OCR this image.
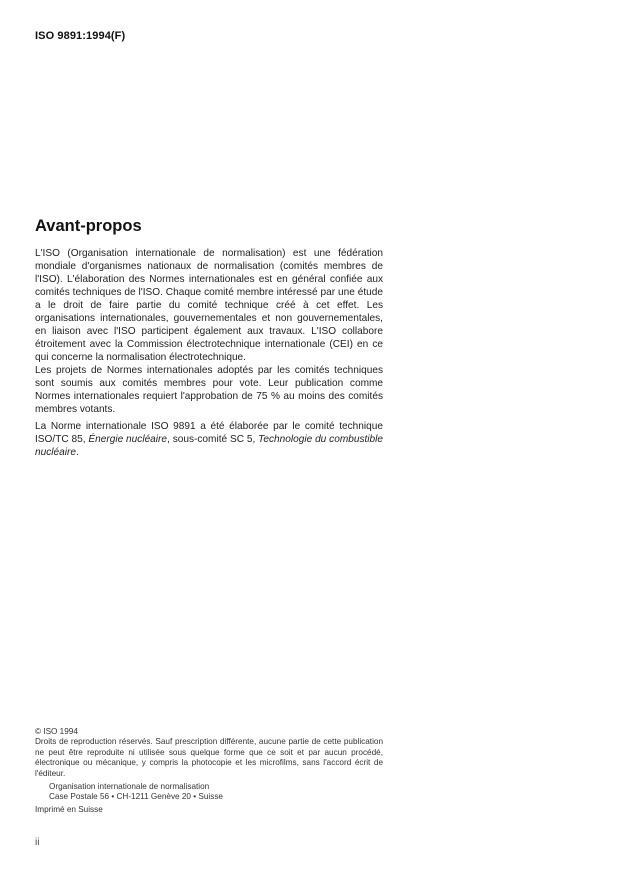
ISO 9891:1994(F)
Avant-propos

L'ISO (Organisation internationale de normalisation) est une fédération mondiale d'organismes nationaux de normalisation (comités membres de l'ISO). L'élaboration des Normes internationales est en général confiée aux comités techniques de l'ISO. Chaque comité membre intéressé par une étude a le droit de faire partie du comité technique créé à cet effet. Les organisations internationales, gouvernementales et non gouvernementales, en liaison avec l'ISO participent également aux travaux. L'ISO collabore étroitement avec la Commission électrotechnique internationale (CEI) en ce qui concerne la normalisation électrotechnique.

Les projets de Normes internationales adoptés par les comités techniques sont soumis aux comités membres pour vote. Leur publication comme Normes internationales requiert l'approbation de 75 % au moins des comités membres votants.

La Norme internationale ISO 9891 a été élaborée par le comité technique ISO/TC 85, Énergie nucléaire, sous-comité SC 5, Technologie du combustible nucléaire.

© ISO 1994
Droits de reproduction réservés. Sauf prescription différente, aucune partie de cette publication ne peut être reproduite ni utilisée sous quelque forme que ce soit et par aucun procédé, électronique ou mécanique, y compris la photocopie et les microfilms, sans l'accord écrit de l'éditeur.
Organisation internationale de normalisation
Case Postale 56 • CH-1211 Genève 20 • Suisse
Imprimé en Suisse
ii
